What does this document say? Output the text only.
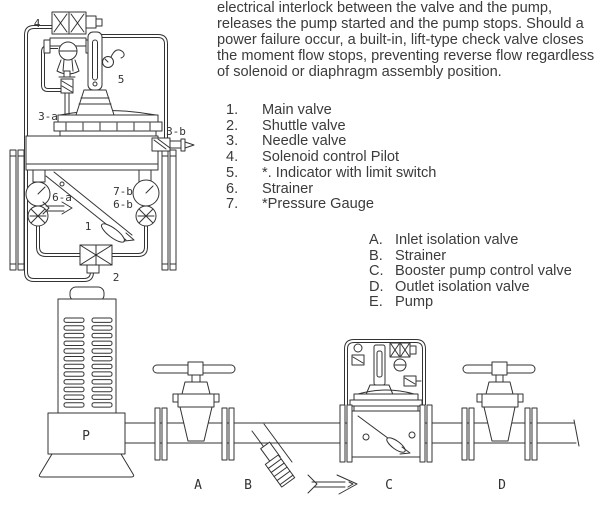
4
5
3-a
3-b
7-b
6-b
6-a
1
2
electrical interlock between the valve and the pump,
releases the pump started and the pump stops. Should a
power failure occur, a built-in, lift-type check valve closes
the moment flow stops, preventing reverse flow regardless
of solenoid or diaphragm assembly position.
1.	Main valve
2.	Shuttle valve
3.	Needle valve
4.	Solenoid control Pilot
5.	*. Indicator with limit switch
6.	Strainer
7.	*Pressure Gauge
A. Inlet isolation valve
B. Strainer
C. Booster pump control valve
D. Outlet isolation valve
E. Pump
P
A	B	C	D
